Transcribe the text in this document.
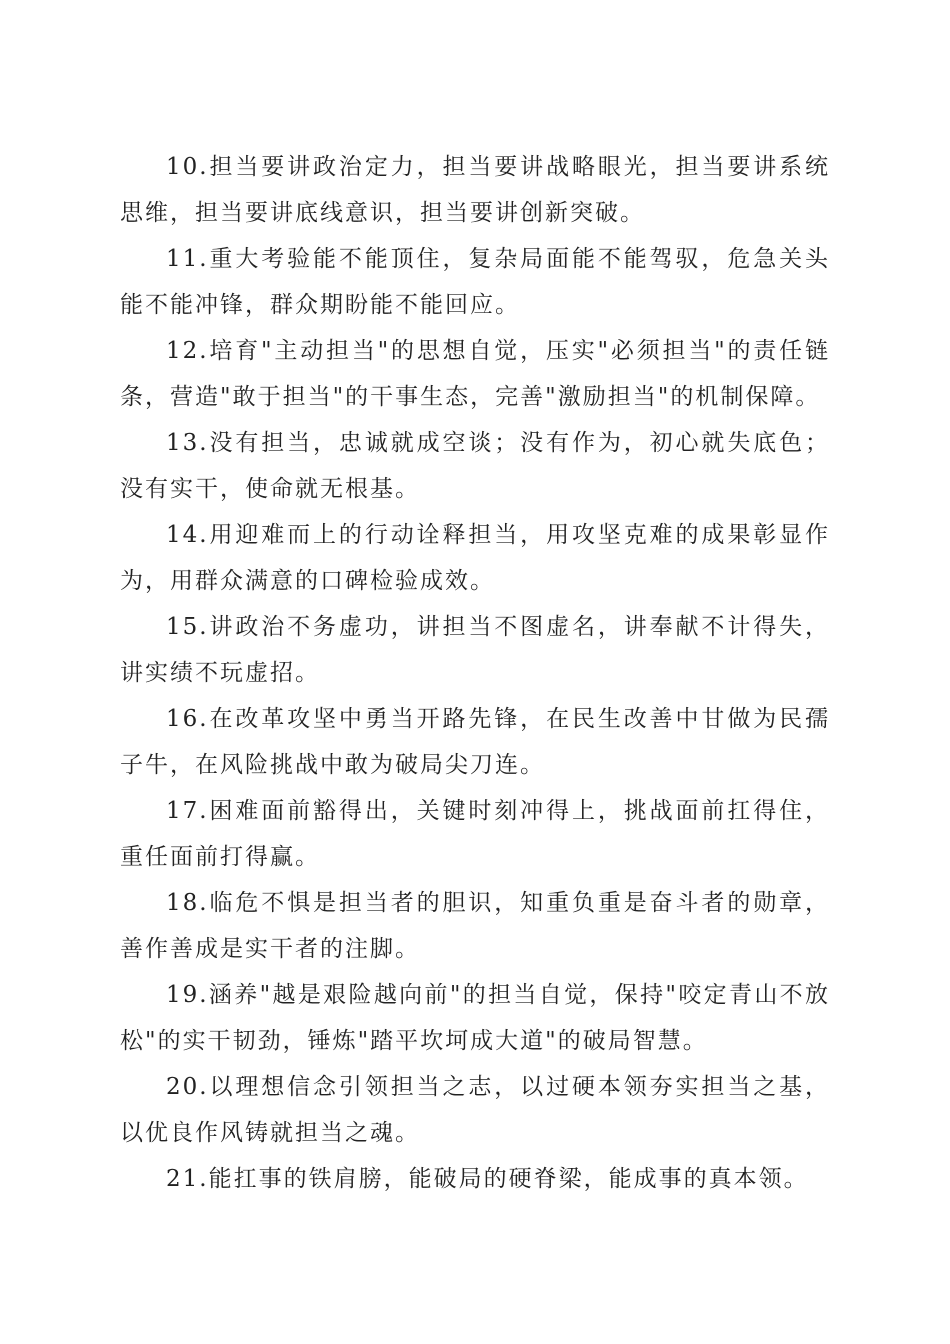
10.担当要讲政治定力，担当要讲战略眼光，担当要讲系统思维，担当要讲底线意识，担当要讲创新突破。

11.重大考验能不能顶住，复杂局面能不能驾驭，危急关头能不能冲锋，群众期盼能不能回应。

12.培育"主动担当"的思想自觉，压实"必须担当"的责任链条，营造"敢于担当"的干事生态，完善"激励担当"的机制保障。

13.没有担当，忠诚就成空谈；没有作为，初心就失底色；没有实干，使命就无根基。

14.用迎难而上的行动诠释担当，用攻坚克难的成果彰显作为，用群众满意的口碑检验成效。

15.讲政治不务虚功，讲担当不图虚名，讲奉献不计得失，讲实绩不玩虚招。

16.在改革攻坚中勇当开路先锋，在民生改善中甘做为民孺子牛，在风险挑战中敢为破局尖刀连。

17.困难面前豁得出，关键时刻冲得上，挑战面前扛得住，重任面前打得赢。

18.临危不惧是担当者的胆识，知重负重是奋斗者的勋章，善作善成是实干者的注脚。

19.涵养"越是艰险越向前"的担当自觉，保持"咬定青山不放松"的实干韧劲，锤炼"踏平坎坷成大道"的破局智慧。

20.以理想信念引领担当之志，以过硬本领夯实担当之基，以优良作风铸就担当之魂。

21.能扛事的铁肩膀，能破局的硬脊梁，能成事的真本领。
